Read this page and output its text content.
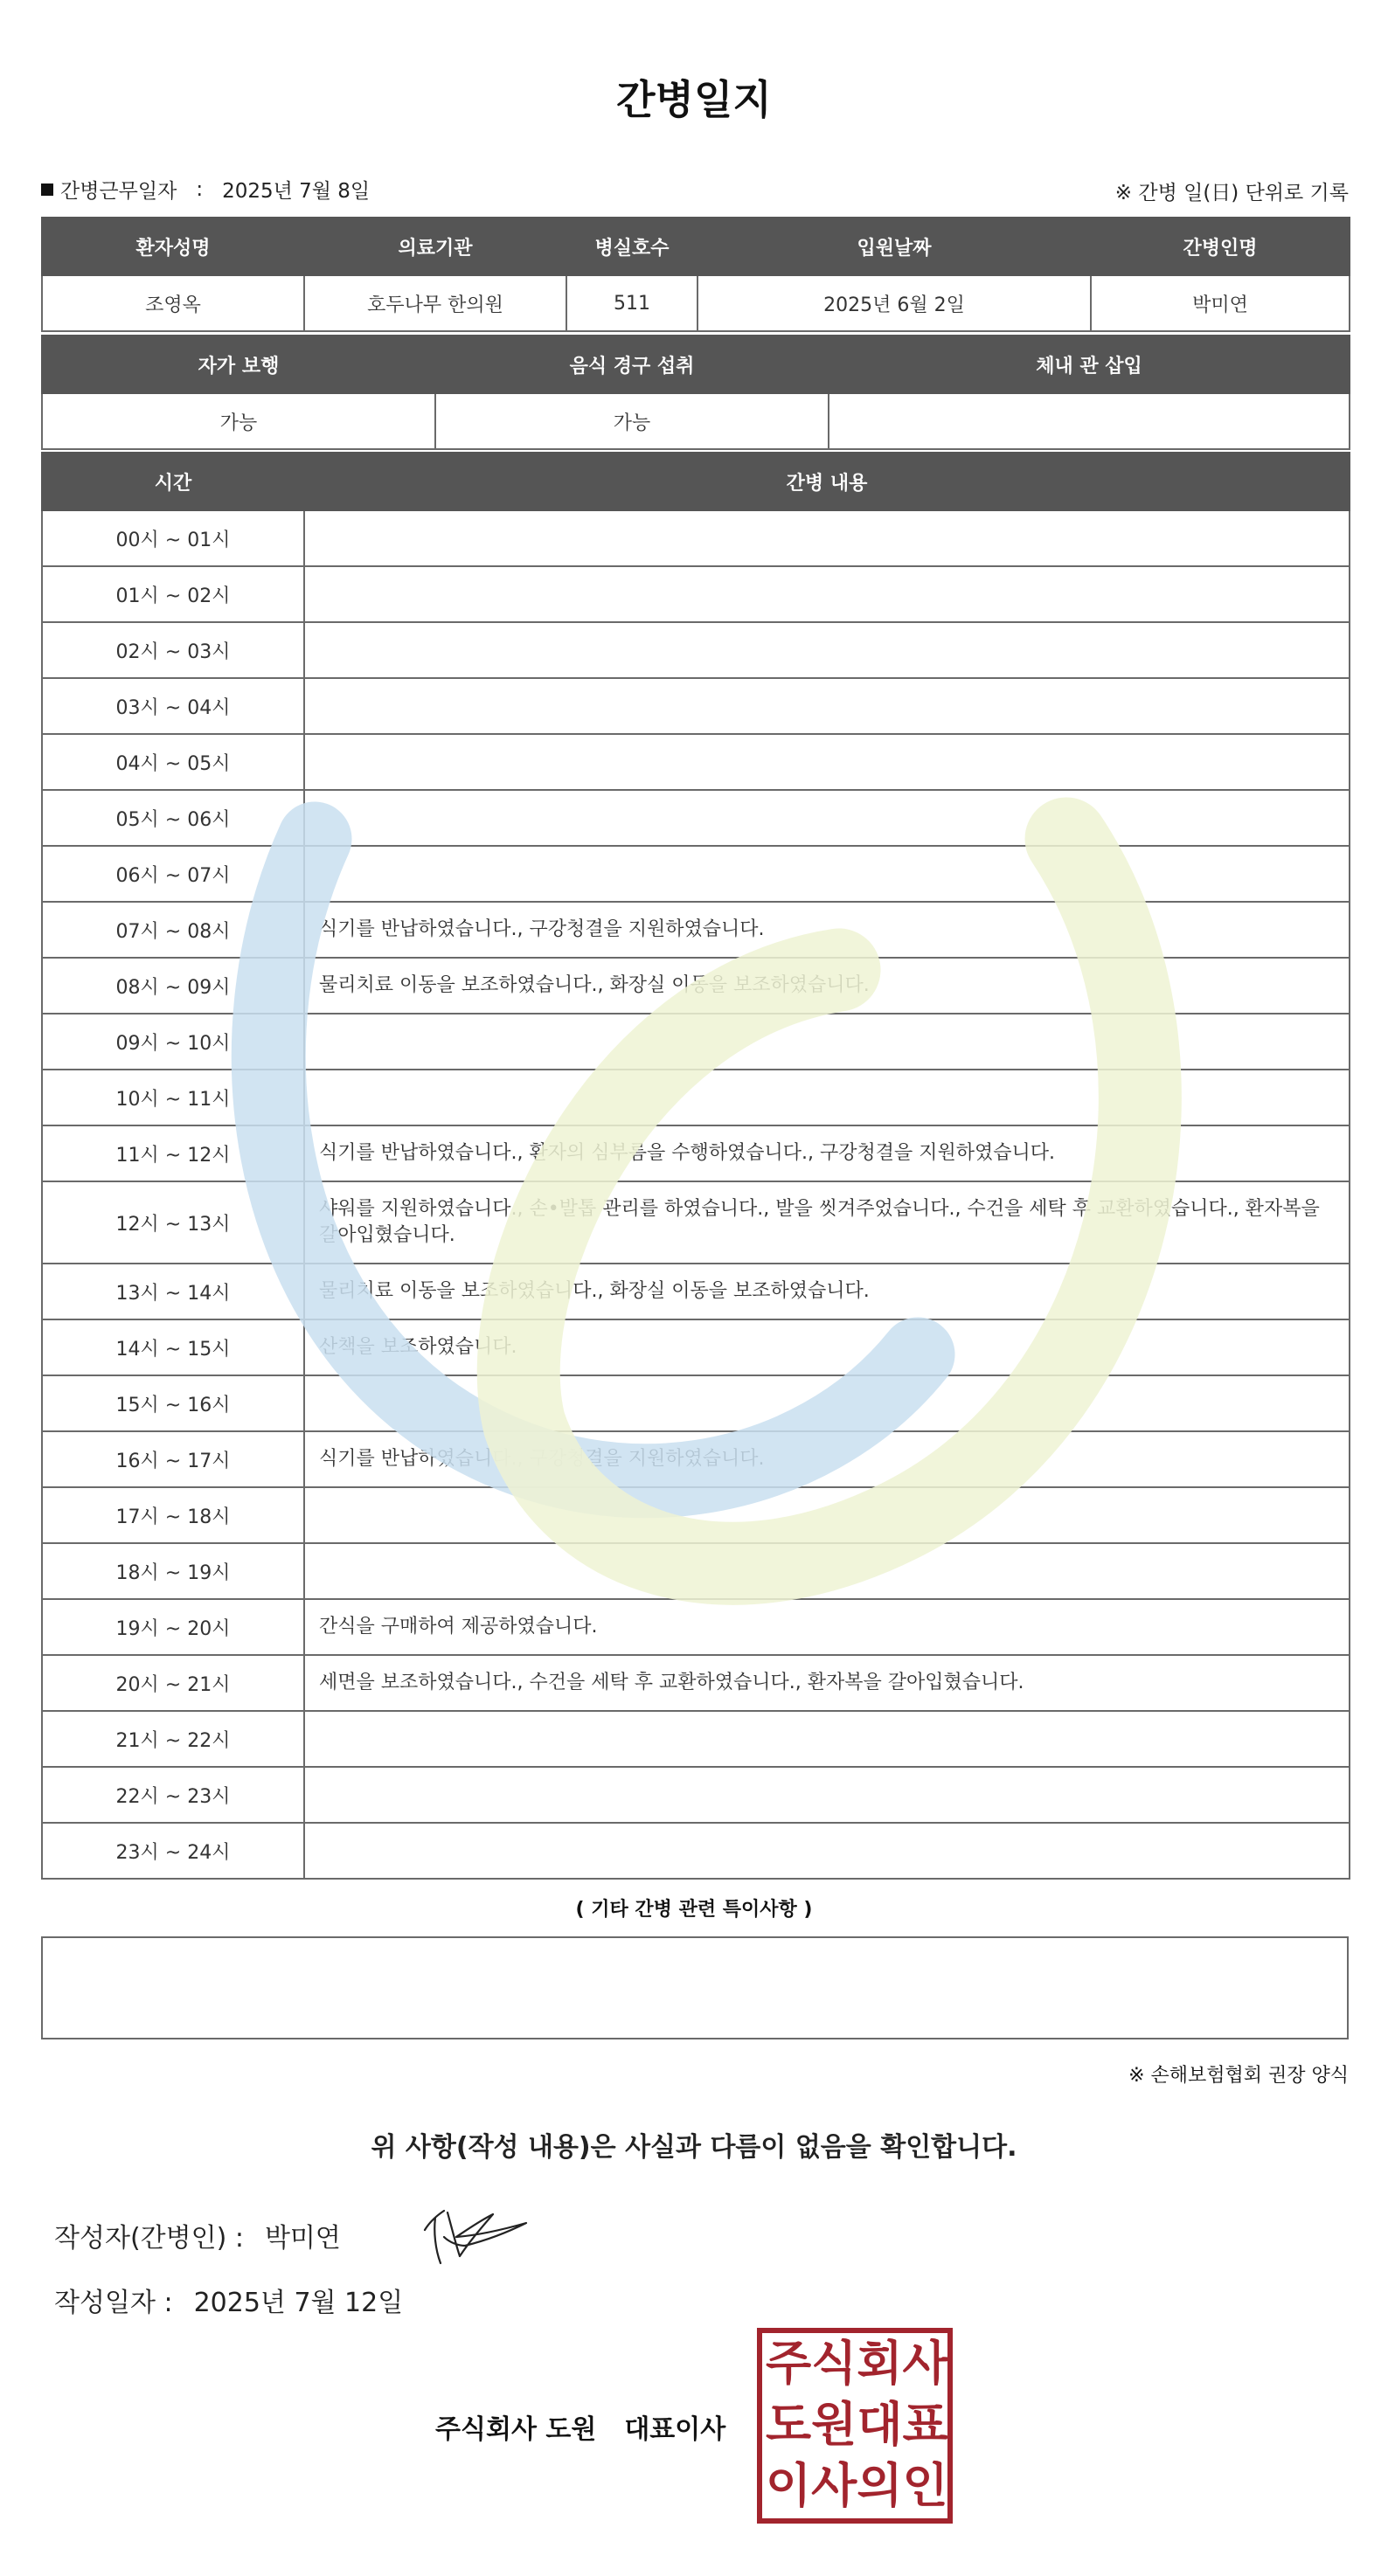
간병일지
간병근무일자 : 2025년 7월 8일	※ 간병 일(日) 단위로 기록
환자성명	의료기관	병실호수	입원날짜	간병인명
조영옥	호두나무 한의원	511	2025년 6월 2일	박미연
자가 보행	음식 경구 섭취	체내 관 삽입
가능	가능	
시간	간병 내용
00시 ~ 01시	
01시 ~ 02시	
02시 ~ 03시	
03시 ~ 04시	
04시 ~ 05시	
05시 ~ 06시	
06시 ~ 07시	
07시 ~ 08시	식기를 반납하였습니다., 구강청결을 지원하였습니다.
08시 ~ 09시	물리치료 이동을 보조하였습니다., 화장실 이동을 보조하였습니다.
09시 ~ 10시	
10시 ~ 11시	
11시 ~ 12시	식기를 반납하였습니다., 환자의 심부름을 수행하였습니다., 구강청결을 지원하였습니다.
12시 ~ 13시	샤워를 지원하였습니다., 손•발톱 관리를 하였습니다., 발을 씻겨주었습니다., 수건을 세탁 후 교환하였습니다., 환자복을 갈아입혔습니다.
13시 ~ 14시	물리치료 이동을 보조하였습니다., 화장실 이동을 보조하였습니다.
14시 ~ 15시	산책을 보조하였습니다.
15시 ~ 16시	
16시 ~ 17시	식기를 반납하였습니다., 구강청결을 지원하였습니다.
17시 ~ 18시	
18시 ~ 19시	
19시 ~ 20시	간식을 구매하여 제공하였습니다.
20시 ~ 21시	세면을 보조하였습니다., 수건을 세탁 후 교환하였습니다., 환자복을 갈아입혔습니다.
21시 ~ 22시	
22시 ~ 23시	
23시 ~ 24시	
( 기타 간병 관련 특이사항 )
※ 손해보험협회 권장 양식
위 사항(작성 내용)은 사실과 다름이 없음을 확인합니다.
작성자(간병인) : 박미연
작성일자 : 2025년 7월 12일
주식회사 도원 대표이사
주 식 회 사
도 원 대 표
이 사 의 인
